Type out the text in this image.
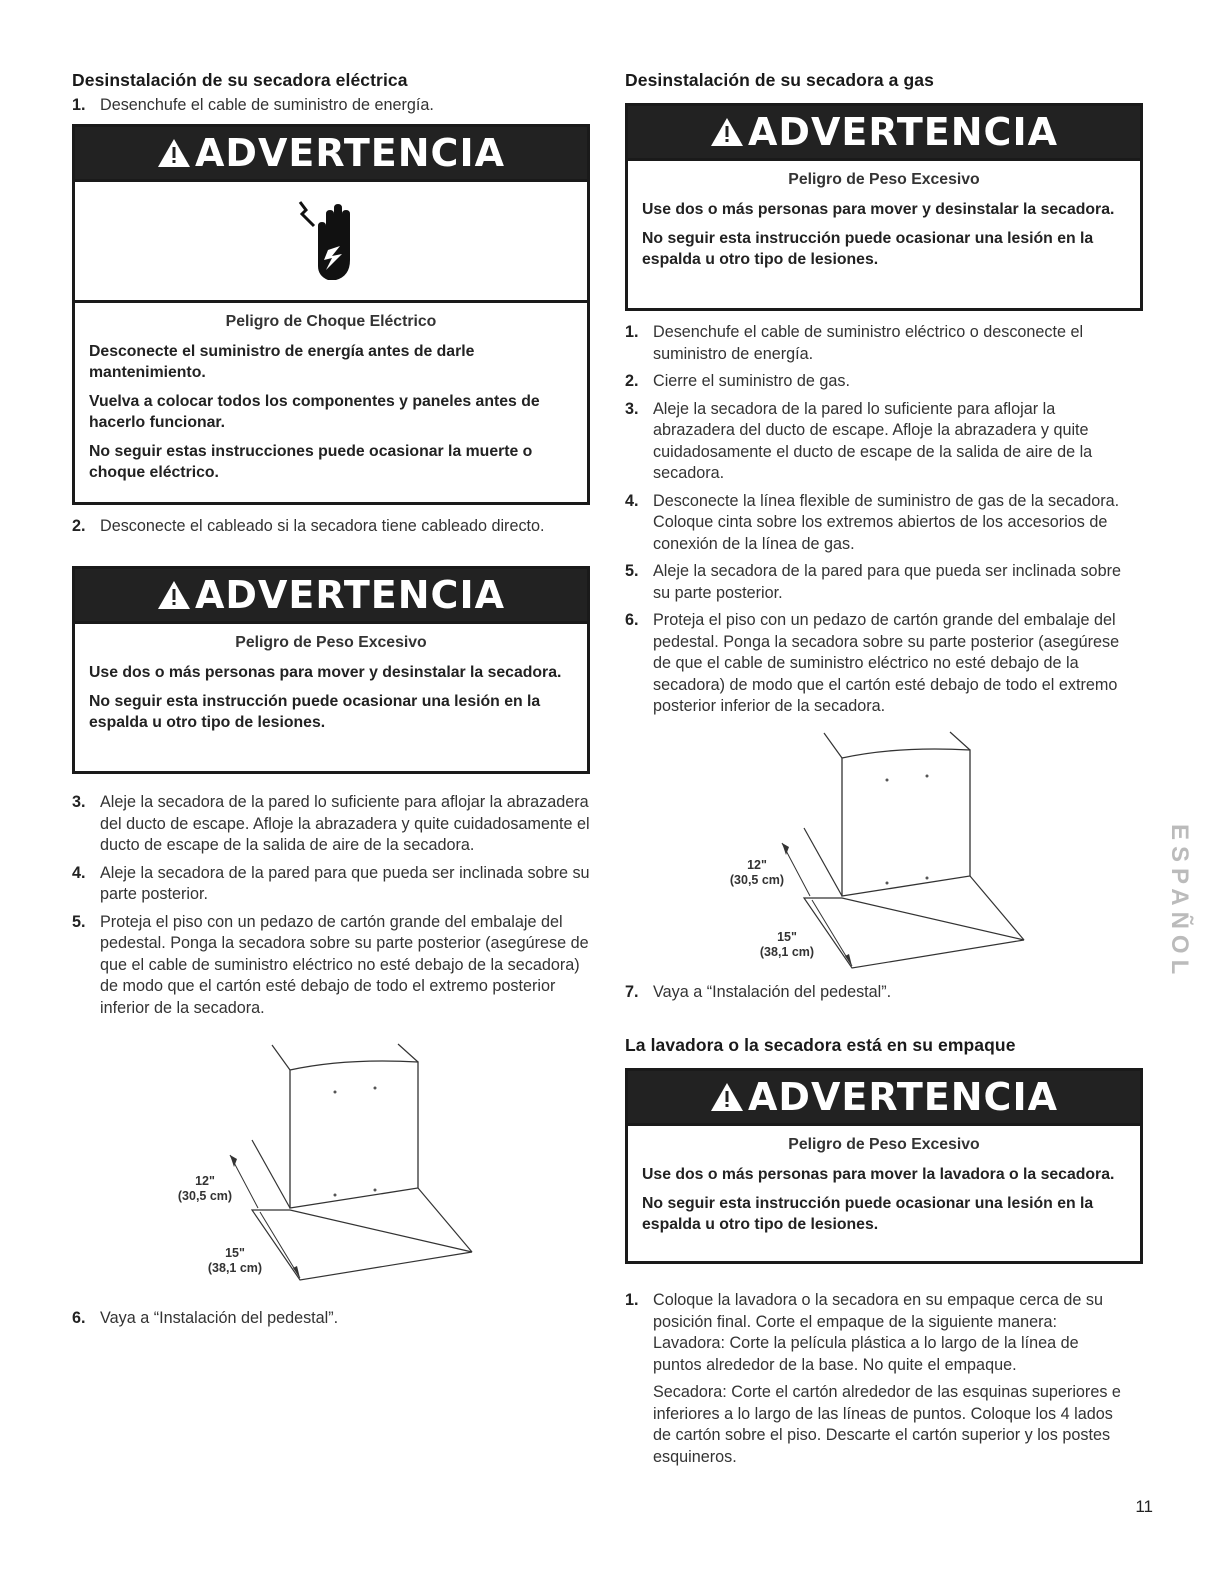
Desinstalación de su secadora eléctrica
1. Desenchufe el cable de suministro de energía.

ADVERTENCIA

Peligro de Choque Eléctrico

Desconecte el suministro de energía antes de darle mantenimiento.

Vuelva a colocar todos los componentes y paneles antes de hacerlo funcionar.

No seguir estas instrucciones puede ocasionar la muerte o choque eléctrico.

2. Desconecte el cableado si la secadora tiene cableado directo.

ADVERTENCIA

Peligro de Peso Excesivo

Use dos o más personas para mover y desinstalar la secadora.

No seguir esta instrucción puede ocasionar una lesión en la espalda u otro tipo de lesiones.

3. Aleje la secadora de la pared lo suficiente para aflojar la abrazadera del ducto de escape. Afloje la abrazadera y quite cuidadosamente el ducto de escape de la salida de aire de la secadora.

4. Aleje la secadora de la pared para que pueda ser inclinada sobre su parte posterior.

5. Proteja el piso con un pedazo de cartón grande del embalaje del pedestal. Ponga la secadora sobre su parte posterior (asegúrese de que el cable de suministro eléctrico no esté debajo de la secadora) de modo que el cartón esté debajo de todo el extremo posterior inferior de la secadora.

12"
(30,5 cm)
15"
(38,1 cm)
6. Vaya a “Instalación del pedestal”.

Desinstalación de su secadora a gas
ADVERTENCIA

Peligro de Peso Excesivo

Use dos o más personas para mover y desinstalar la secadora.

No seguir esta instrucción puede ocasionar una lesión en la espalda u otro tipo de lesiones.

1. Desenchufe el cable de suministro eléctrico o desconecte el suministro de energía.

2. Cierre el suministro de gas.

3. Aleje la secadora de la pared lo suficiente para aflojar la abrazadera del ducto de escape. Afloje la abrazadera y quite cuidadosamente el ducto de escape de la salida de aire de la secadora.

4. Desconecte la línea flexible de suministro de gas de la secadora. Coloque cinta sobre los extremos abiertos de los accesorios de conexión de la línea de gas.

5. Aleje la secadora de la pared para que pueda ser inclinada sobre su parte posterior.

6. Proteja el piso con un pedazo de cartón grande del embalaje del pedestal. Ponga la secadora sobre su parte posterior (asegúrese de que el cable de suministro eléctrico no esté debajo de la secadora) de modo que el cartón esté debajo de todo el extremo posterior inferior de la secadora.

12"
(30,5 cm)
15"
(38,1 cm)
7. Vaya a “Instalación del pedestal”.

La lavadora o la secadora está en su empaque
ADVERTENCIA

Peligro de Peso Excesivo

Use dos o más personas para mover la lavadora o la secadora.

No seguir esta instrucción puede ocasionar una lesión en la espalda u otro tipo de lesiones.

1. Coloque la lavadora o la secadora en su empaque cerca de su posición final. Corte el empaque de la siguiente manera: Lavadora: Corte la película plástica a lo largo de la línea de puntos alrededor de la base. No quite el empaque.

Secadora: Corte el cartón alrededor de las esquinas superiores e inferiores a lo largo de las líneas de puntos. Coloque los 4 lados de cartón sobre el piso. Descarte el cartón superior y los postes esquineros.

ESPAÑOL
11
